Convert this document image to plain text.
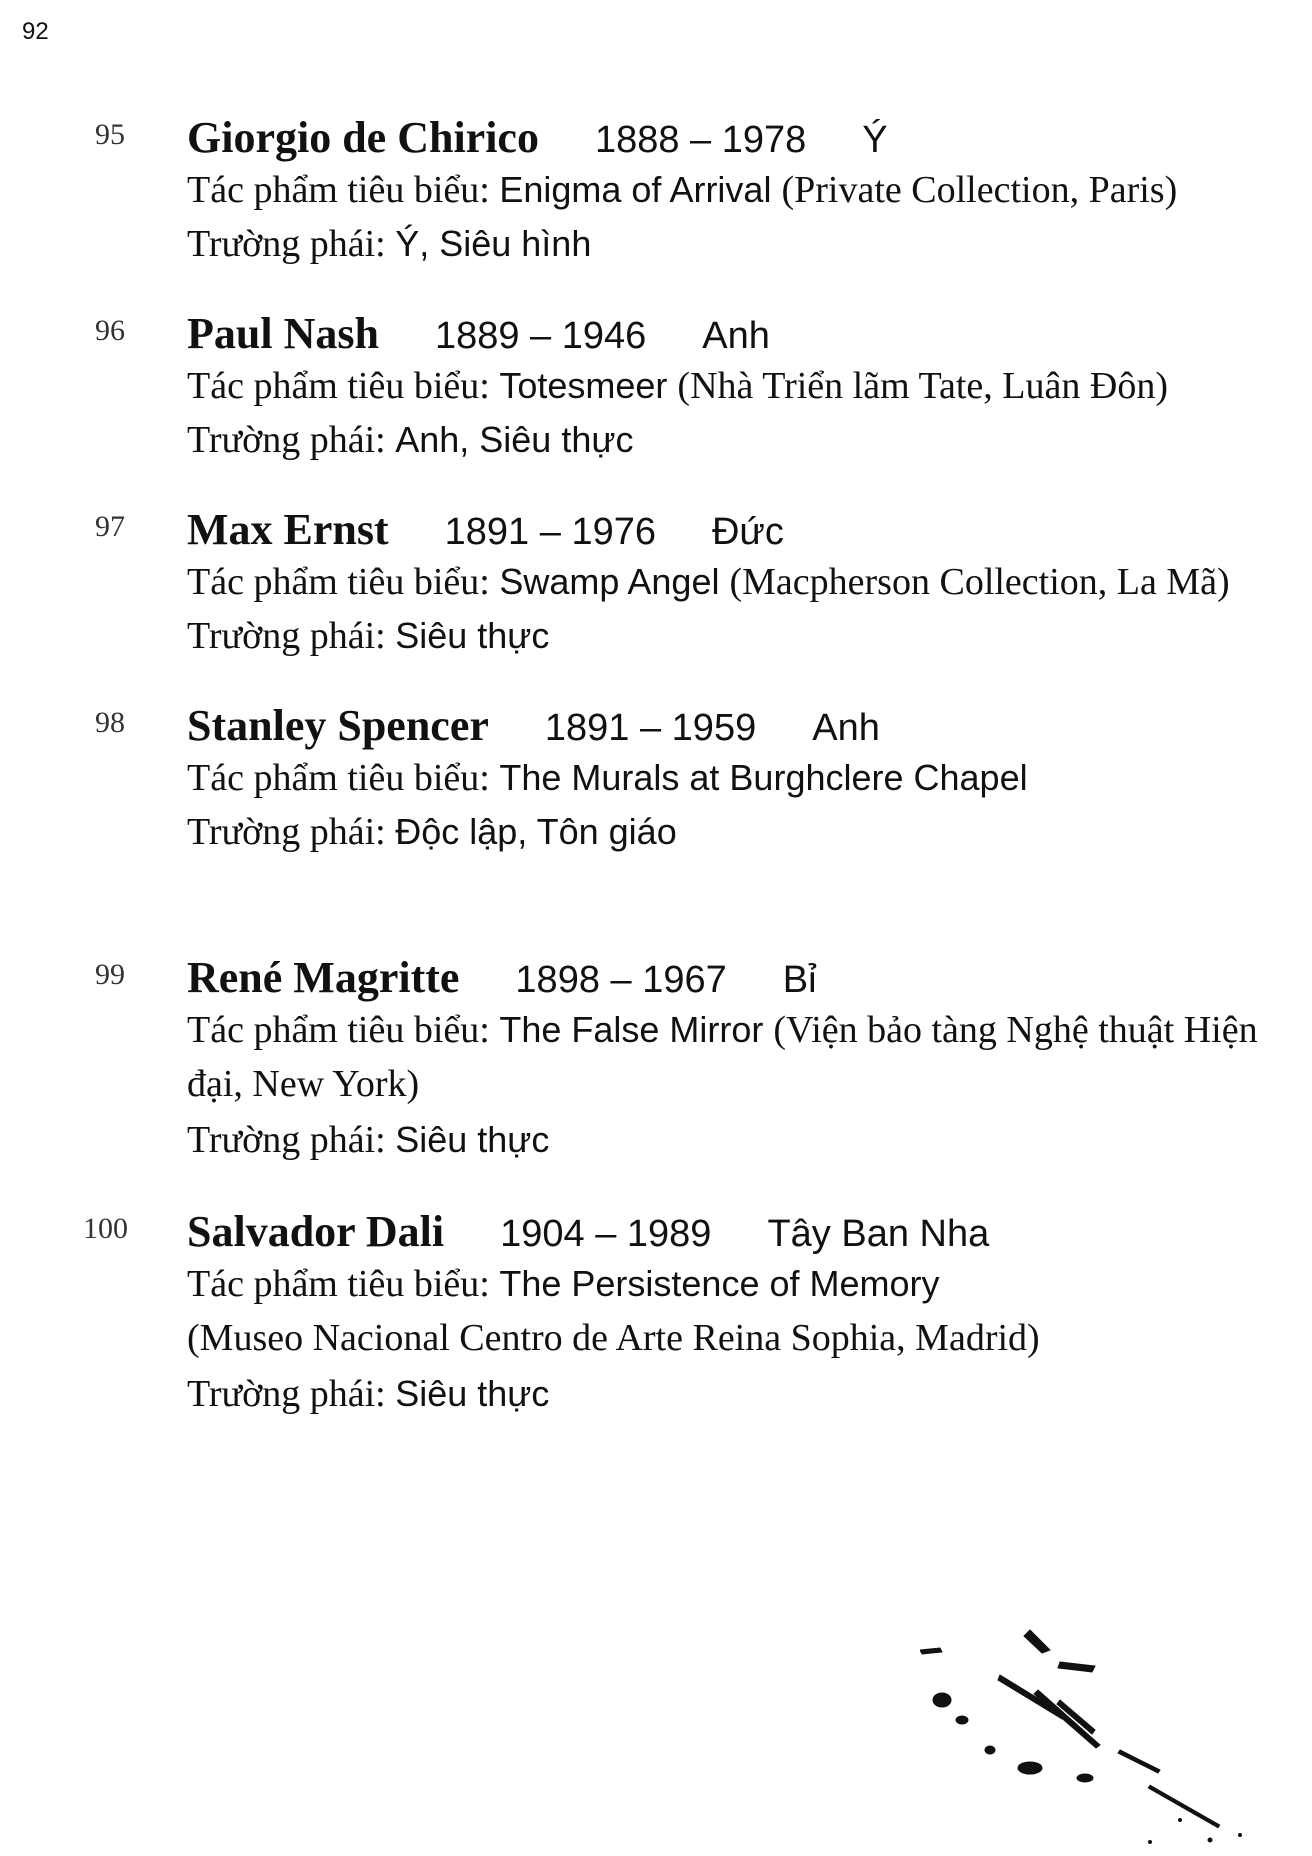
92
95 Giorgio de Chirico 1888 – 1978 Ý
Tác phẩm tiêu biểu: Enigma of Arrival (Private Collection, Paris)
Trường phái: Ý, Siêu hình
96 Paul Nash 1889 – 1946 Anh
Tác phẩm tiêu biểu: Totesmeer (Nhà Triển lãm Tate, Luân Đôn)
Trường phái: Anh, Siêu thực
97 Max Ernst 1891 – 1976 Đức
Tác phẩm tiêu biểu: Swamp Angel (Macpherson Collection, La Mã)
Trường phái: Siêu thực
98 Stanley Spencer 1891 – 1959 Anh
Tác phẩm tiêu biểu: The Murals at Burghclere Chapel
Trường phái: Độc lập, Tôn giáo
99 René Magritte 1898 – 1967 Bỉ
Tác phẩm tiêu biểu: The False Mirror (Viện bảo tàng Nghệ thuật Hiện
đại, New York)
Trường phái: Siêu thực
100 Salvador Dali 1904 – 1989 Tây Ban Nha
Tác phẩm tiêu biểu: The Persistence of Memory
(Museo Nacional Centro de Arte Reina Sophia, Madrid)
Trường phái: Siêu thực
